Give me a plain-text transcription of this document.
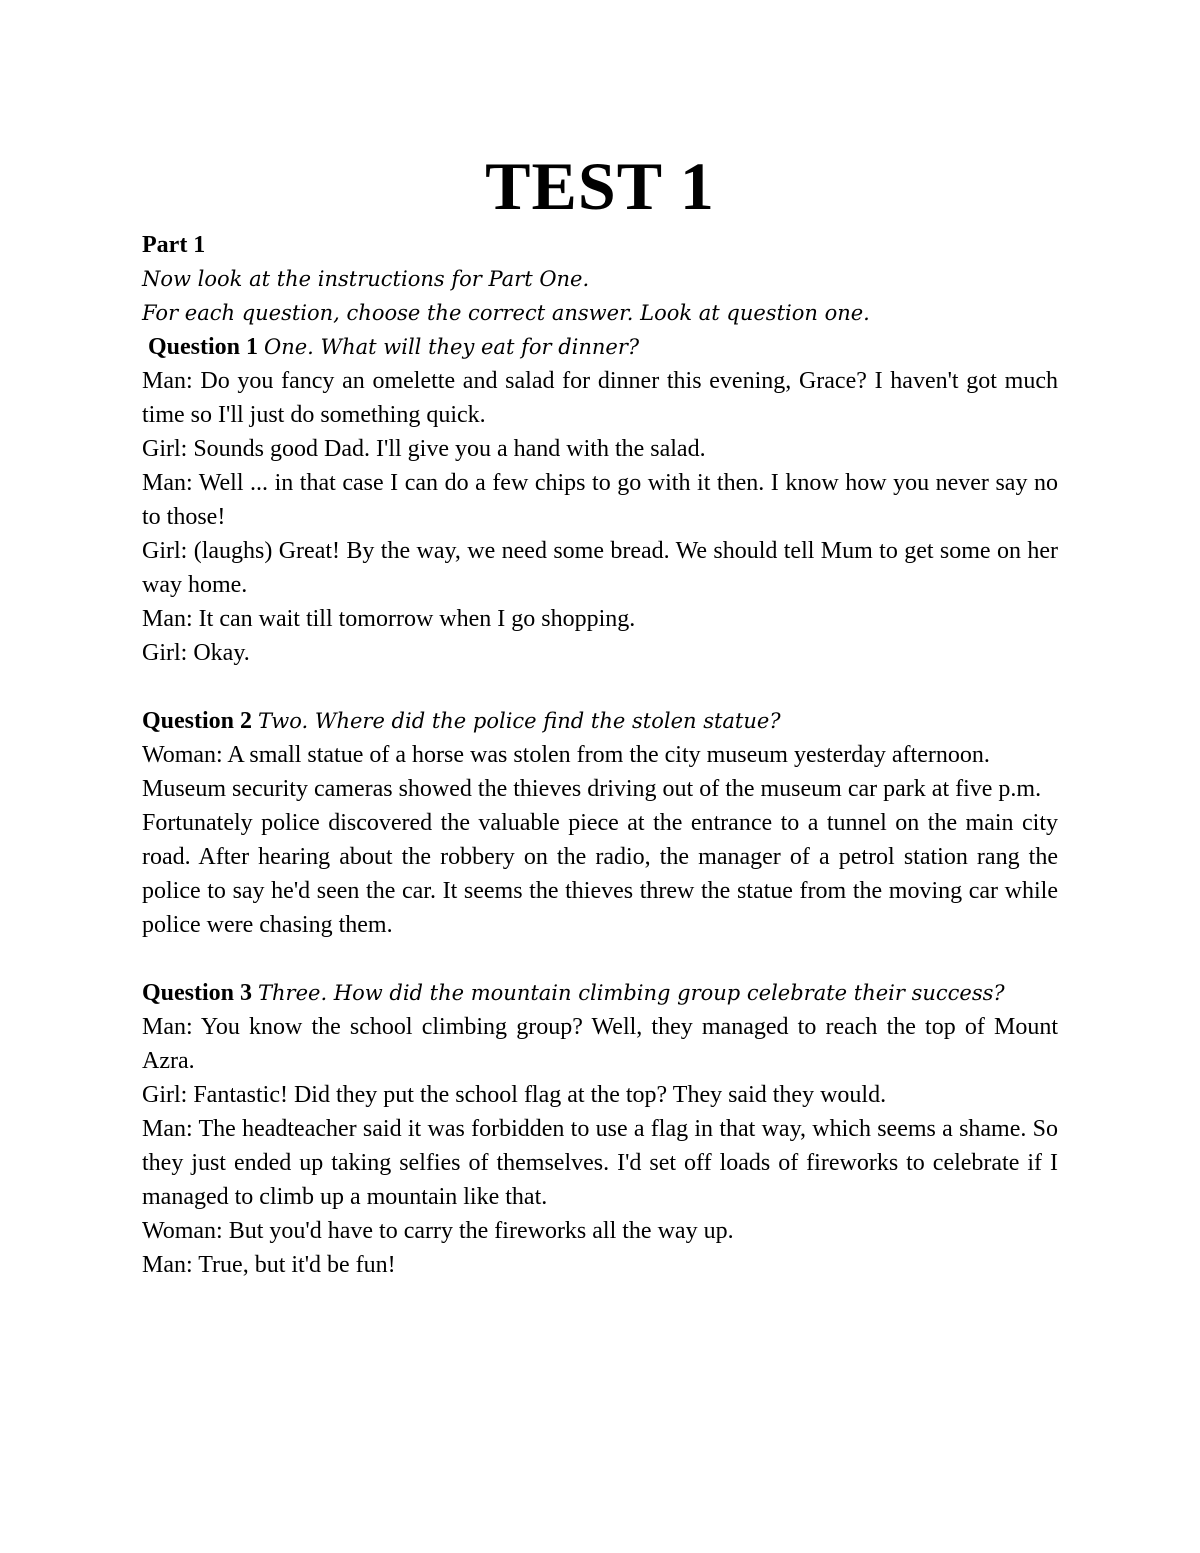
TEST 1

Part 1

Now look at the instructions for Part One.

For each question, choose the correct answer. Look at question one.

Question 1 One. What will they eat for dinner?

Man: Do you fancy an omelette and salad for dinner this evening, Grace? I haven't got much time so I'll just do something quick.

Girl: Sounds good Dad. I'll give you a hand with the salad.

Man: Well ... in that case I can do a few chips to go with it then. I know how you never say no to those!

Girl: (laughs) Great! By the way, we need some bread. We should tell Mum to get some on her way home.

Man: It can wait till tomorrow when I go shopping.

Girl: Okay.

Question 2 Two. Where did the police find the stolen statue?

Woman: A small statue of a horse was stolen from the city museum yesterday afternoon.

Museum security cameras showed the thieves driving out of the museum car park at five p.m.

Fortunately police discovered the valuable piece at the entrance to a tunnel on the main city road. After hearing about the robbery on the radio, the manager of a petrol station rang the police to say he'd seen the car. It seems the thieves threw the statue from the moving car while police were chasing them.

Question 3 Three. How did the mountain climbing group celebrate their success?

Man: You know the school climbing group? Well, they managed to reach the top of Mount Azra.

Girl: Fantastic! Did they put the school flag at the top? They said they would.

Man: The headteacher said it was forbidden to use a flag in that way, which seems a shame. So they just ended up taking selfies of themselves. I'd set off loads of fireworks to celebrate if I managed to climb up a mountain like that.

Woman: But you'd have to carry the fireworks all the way up.

Man: True, but it'd be fun!
